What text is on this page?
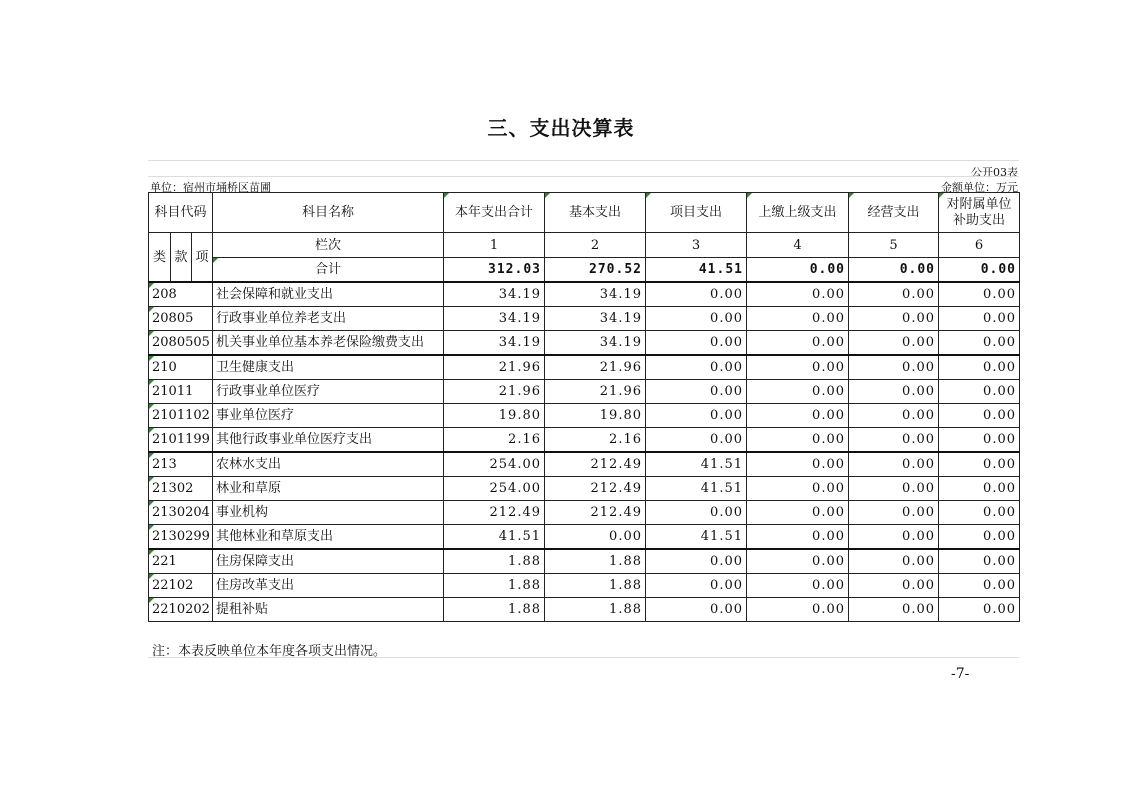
三、支出决算表
公开03表
单位：宿州市埇桥区苗圃	金额单位：万元
科目代码			科目名称	本年支出合计	基本支出	项目支出	上缴上级支出	经营支出	对附属单位补助支出
类	款	项	栏次	1	2	3	4	5	6
			合计	312.03	270.52	41.51	0.00	0.00	0.00
208			社会保障和就业支出	34.19	34.19	0.00	0.00	0.00	0.00
20805			行政事业单位养老支出	34.19	34.19	0.00	0.00	0.00	0.00
2080505			机关事业单位基本养老保险缴费支出	34.19	34.19	0.00	0.00	0.00	0.00
210			卫生健康支出	21.96	21.96	0.00	0.00	0.00	0.00
21011			行政事业单位医疗	21.96	21.96	0.00	0.00	0.00	0.00
2101102			事业单位医疗	19.80	19.80	0.00	0.00	0.00	0.00
2101199			其他行政事业单位医疗支出	2.16	2.16	0.00	0.00	0.00	0.00
213			农林水支出	254.00	212.49	41.51	0.00	0.00	0.00
21302			林业和草原	254.00	212.49	41.51	0.00	0.00	0.00
2130204			事业机构	212.49	212.49	0.00	0.00	0.00	0.00
2130299			其他林业和草原支出	41.51	0.00	41.51	0.00	0.00	0.00
221			住房保障支出	1.88	1.88	0.00	0.00	0.00	0.00
22102			住房改革支出	1.88	1.88	0.00	0.00	0.00	0.00
2210202			提租补贴	1.88	1.88	0.00	0.00	0.00	0.00
注：本表反映单位本年度各项支出情况。
-7-
